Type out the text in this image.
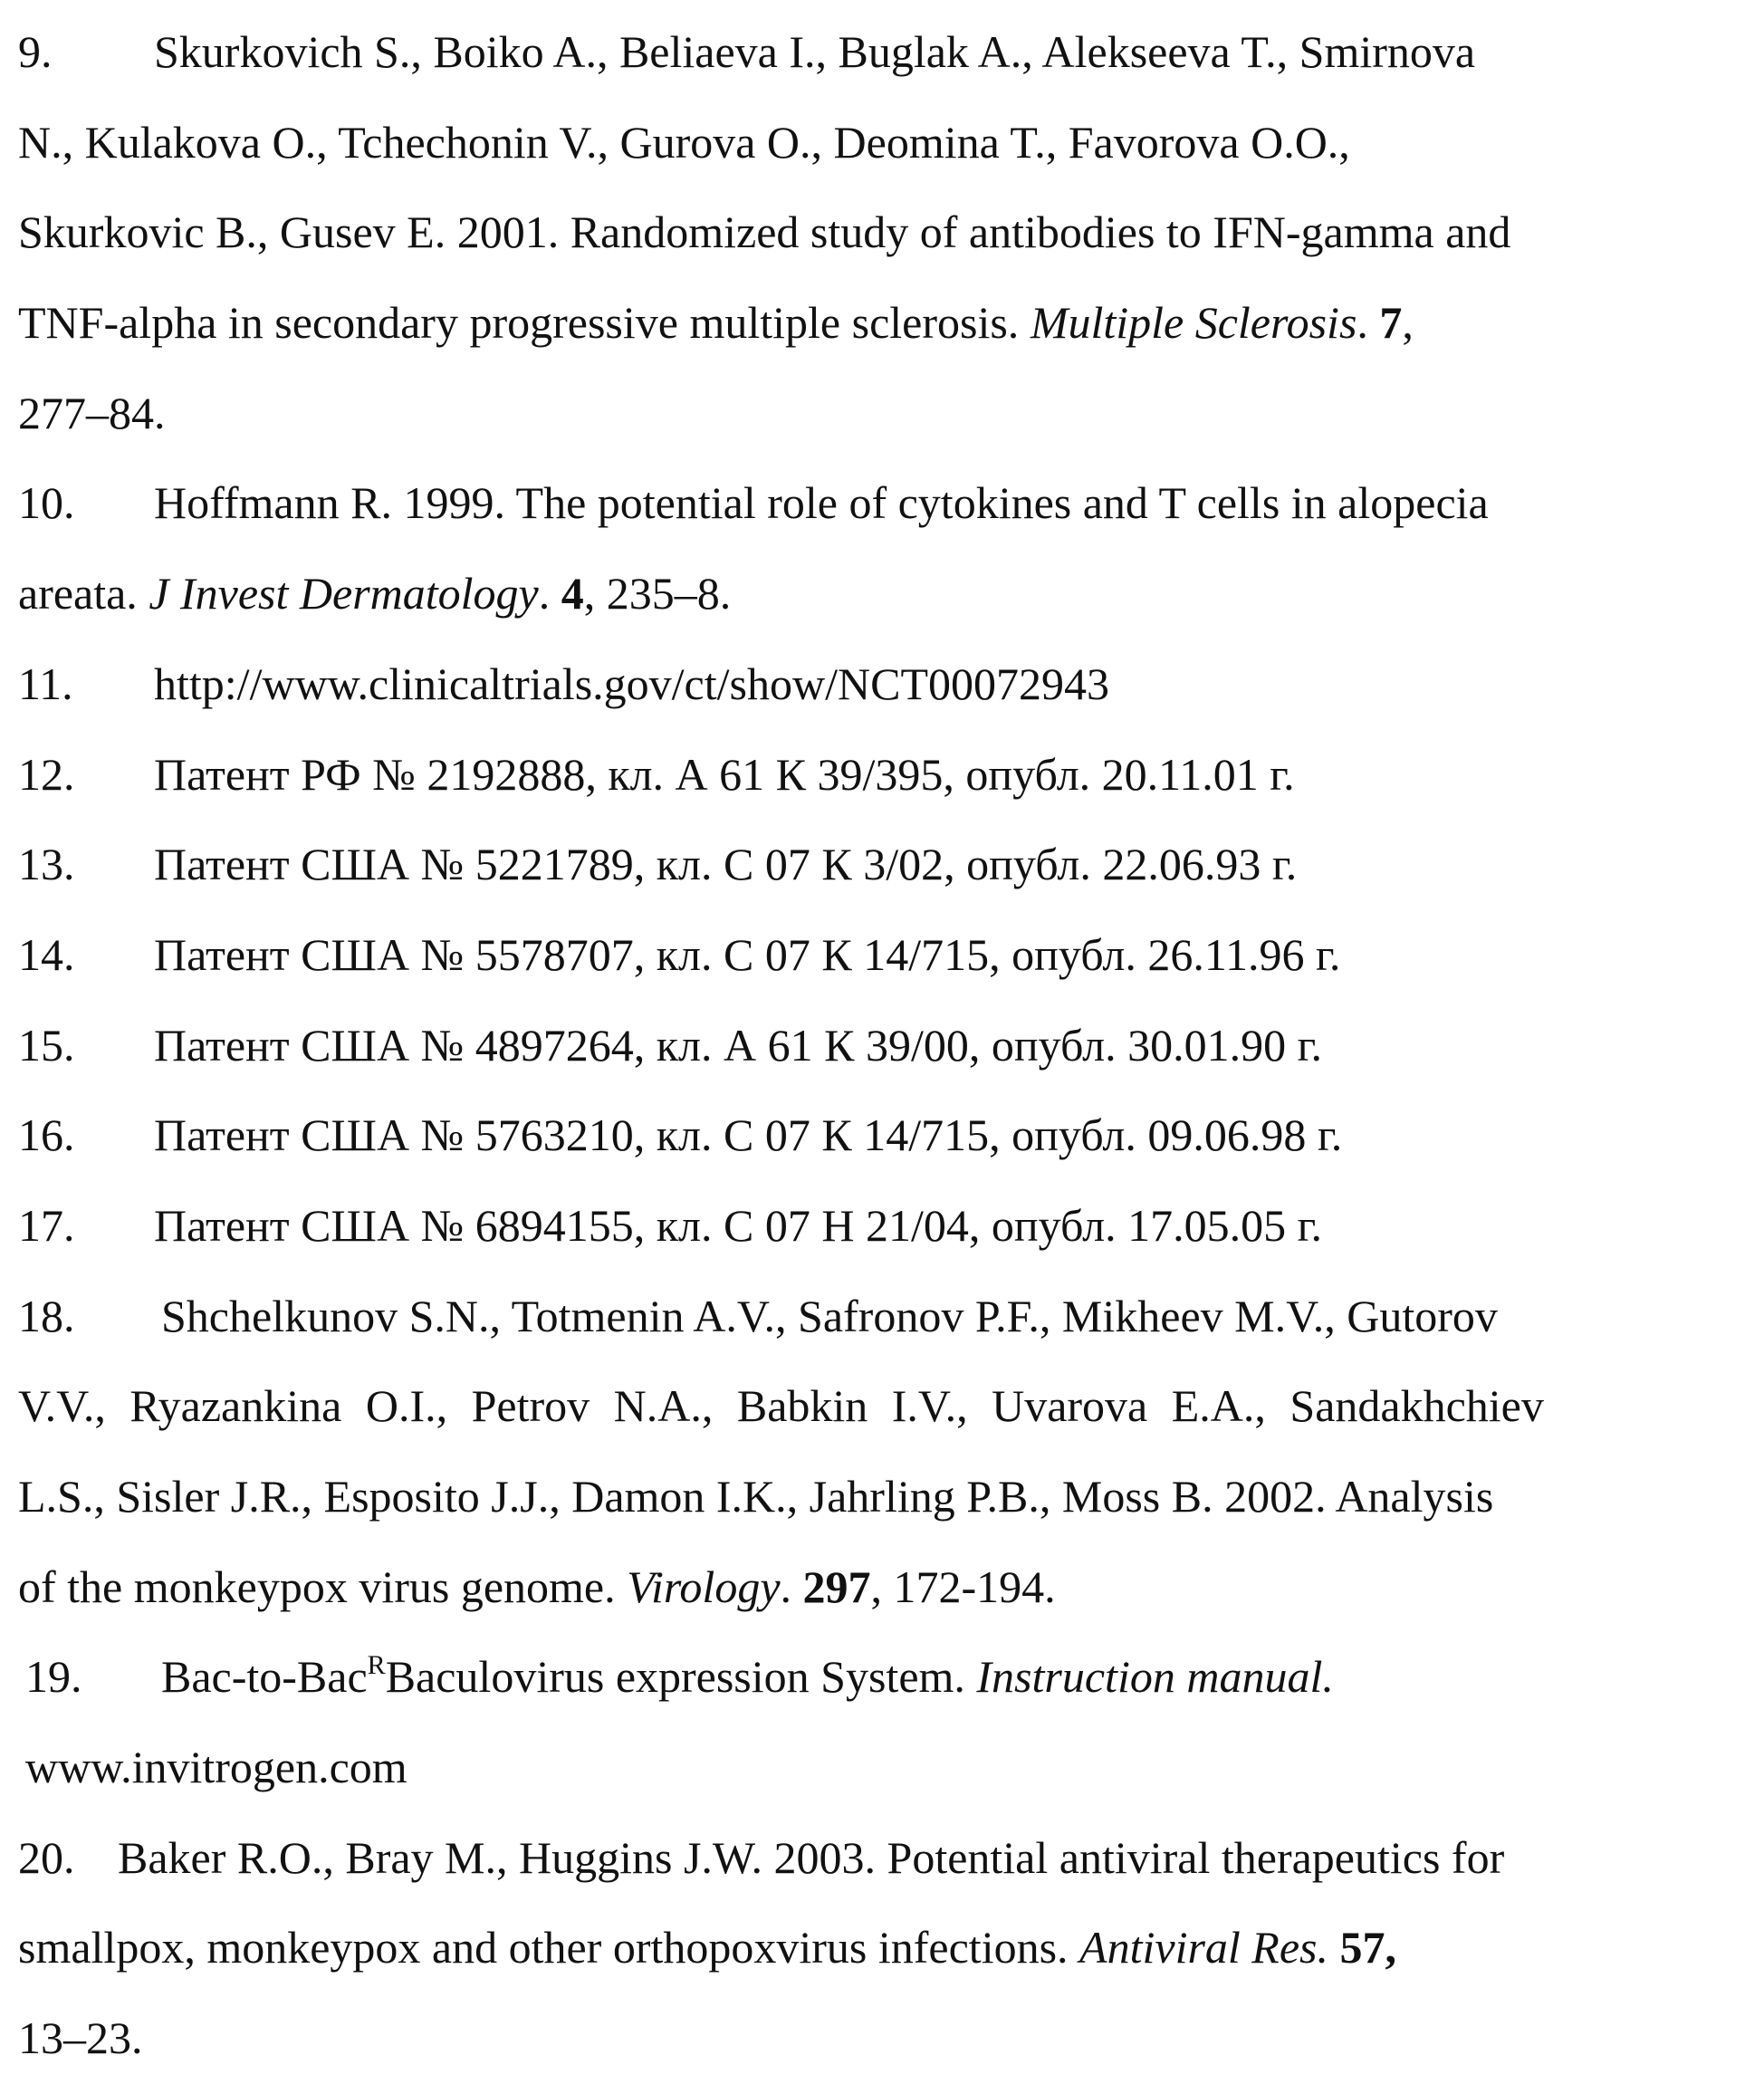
9. Skurkovich S., Boiko A., Beliaeva I., Buglak A., Alekseeva T., Smirnova
N., Kulakova O., Tchechonin V., Gurova O., Deomina T., Favorova O.O.,
Skurkovic B., Gusev E. 2001. Randomized study of antibodies to IFN-gamma and
TNF-alpha in secondary progressive multiple sclerosis. Multiple Sclerosis. 7,
277–84.
10. Hoffmann R. 1999. The potential role of cytokines and T cells in alopecia
areata. J Invest Dermatology. 4, 235–8.
11. http://www.clinicaltrials.gov/ct/show/NCT00072943
12. Патент РФ № 2192888, кл. А 61 К 39/395, опубл. 20.11.01 г.
13. Патент США № 5221789, кл. С 07 К 3/02, опубл. 22.06.93 г.
14. Патент США № 5578707, кл. С 07 К 14/715, опубл. 26.11.96 г.
15. Патент США № 4897264, кл. А 61 К 39/00, опубл. 30.01.90 г.
16. Патент США № 5763210, кл. С 07 К 14/715, опубл. 09.06.98 г.
17. Патент США № 6894155, кл. С 07 Н 21/04, опубл. 17.05.05 г.
18. Shchelkunov S.N., Totmenin A.V., Safronov P.F., Mikheev M.V., Gutorov
V.V., Ryazankina O.I., Petrov N.A., Babkin I.V., Uvarova E.A., Sandakhchiev
L.S., Sisler J.R., Esposito J.J., Damon I.K., Jahrling P.B., Moss B. 2002. Analysis
of the monkeypox virus genome. Virology. 297, 172-194.
19. Bac-to-BacRBaculovirus expression System. Instruction manual.
www.invitrogen.com
20. Baker R.O., Bray M., Huggins J.W. 2003. Potential antiviral therapeutics for
smallpox, monkeypox and other orthopoxvirus infections. Antiviral Res. 57,
13–23.
